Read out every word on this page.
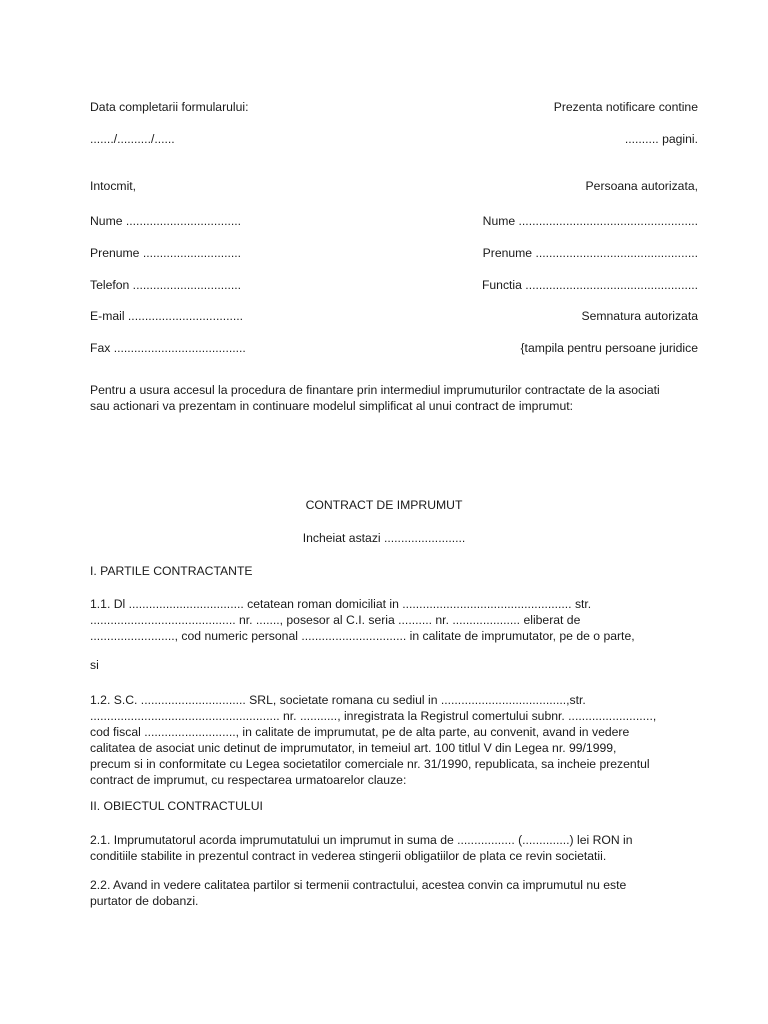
Data completarii formularului:	Prezenta notificare contine
......./........../......	.......... pagini.
Intocmit,	Persoana autorizata,
Nume ..................................	Nume .....................................................
Prenume .............................	Prenume ................................................
Telefon ................................	Functia ...................................................
E-mail ..................................	Semnatura autorizata
Fax .......................................	{tampila pentru persoane juridice
Pentru a usura accesul la procedura de finantare prin intermediul imprumuturilor contractate de la asociati
sau actionari va prezentam in continuare modelul simplificat al unui contract de imprumut:
CONTRACT DE IMPRUMUT
Incheiat astazi ........................
I. PARTILE CONTRACTANTE
1.1. Dl .................................. cetatean roman domiciliat in .................................................. str.
........................................... nr. ......., posesor al C.I. seria .......... nr. .................... eliberat de
........................., cod numeric personal ............................... in calitate de imprumutator, pe de o parte,
si
1.2. S.C. ............................... SRL, societate romana cu sediul in .....................................,str.
........................................................ nr. ..........., inregistrata la Registrul comertului subnr. .........................,
cod fiscal ..........................., in calitate de imprumutat, pe de alta parte, au convenit, avand in vedere
calitatea de asociat unic detinut de imprumutator, in temeiul art. 100 titlul V din Legea nr. 99/1999,
precum si in conformitate cu Legea societatilor comerciale nr. 31/1990, republicata, sa incheie prezentul
contract de imprumut, cu respectarea urmatoarelor clauze:
II. OBIECTUL CONTRACTULUI
2.1. Imprumutatorul acorda imprumutatului un imprumut in suma de ................. (..............) lei RON in
conditiile stabilite in prezentul contract in vederea stingerii obligatiilor de plata ce revin societatii.
2.2. Avand in vedere calitatea partilor si termenii contractului, acestea convin ca imprumutul nu este
purtator de dobanzi.
